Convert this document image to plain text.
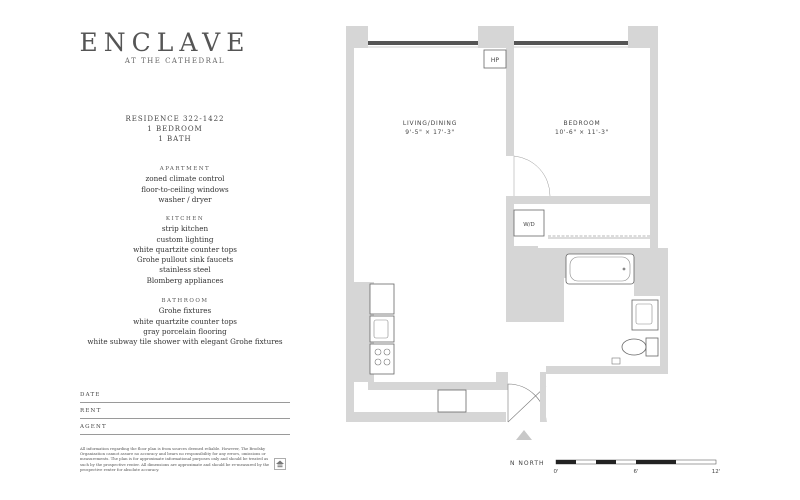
ENCLAVE
AT THE CATHEDRAL
RESIDENCE 322-1422
1 BEDROOM
1 BATH
APARTMENT
zoned climate control
floor-to-ceiling windows
washer / dryer
KITCHEN
strip kitchen
custom lighting
white quartzite counter tops
Grohe pullout sink faucets
stainless steel
Blomberg appliances
BATHROOM
Grohe fixtures
white quartzite counter tops
gray porcelain flooring
white subway tile shower with elegant Grohe fixtures
DATE
RENT
AGENT
All information regarding the floor plan is from sources deemed reliable. However, The Brodsky Organization cannot assure no accuracy and bears no responsibility for any errors, omissions or measurements. The plan is for approximate informational purposes only and should be treated as such by the prospective renter. All dimensions are approximate and should be re-measured by the prospective renter for absolute accuracy.
HP
W/D
LIVING/DINING
9'-5" × 17'-3"
BEDROOM
10'-6" × 11'-3"
N NORTH
0'	6'	12'
